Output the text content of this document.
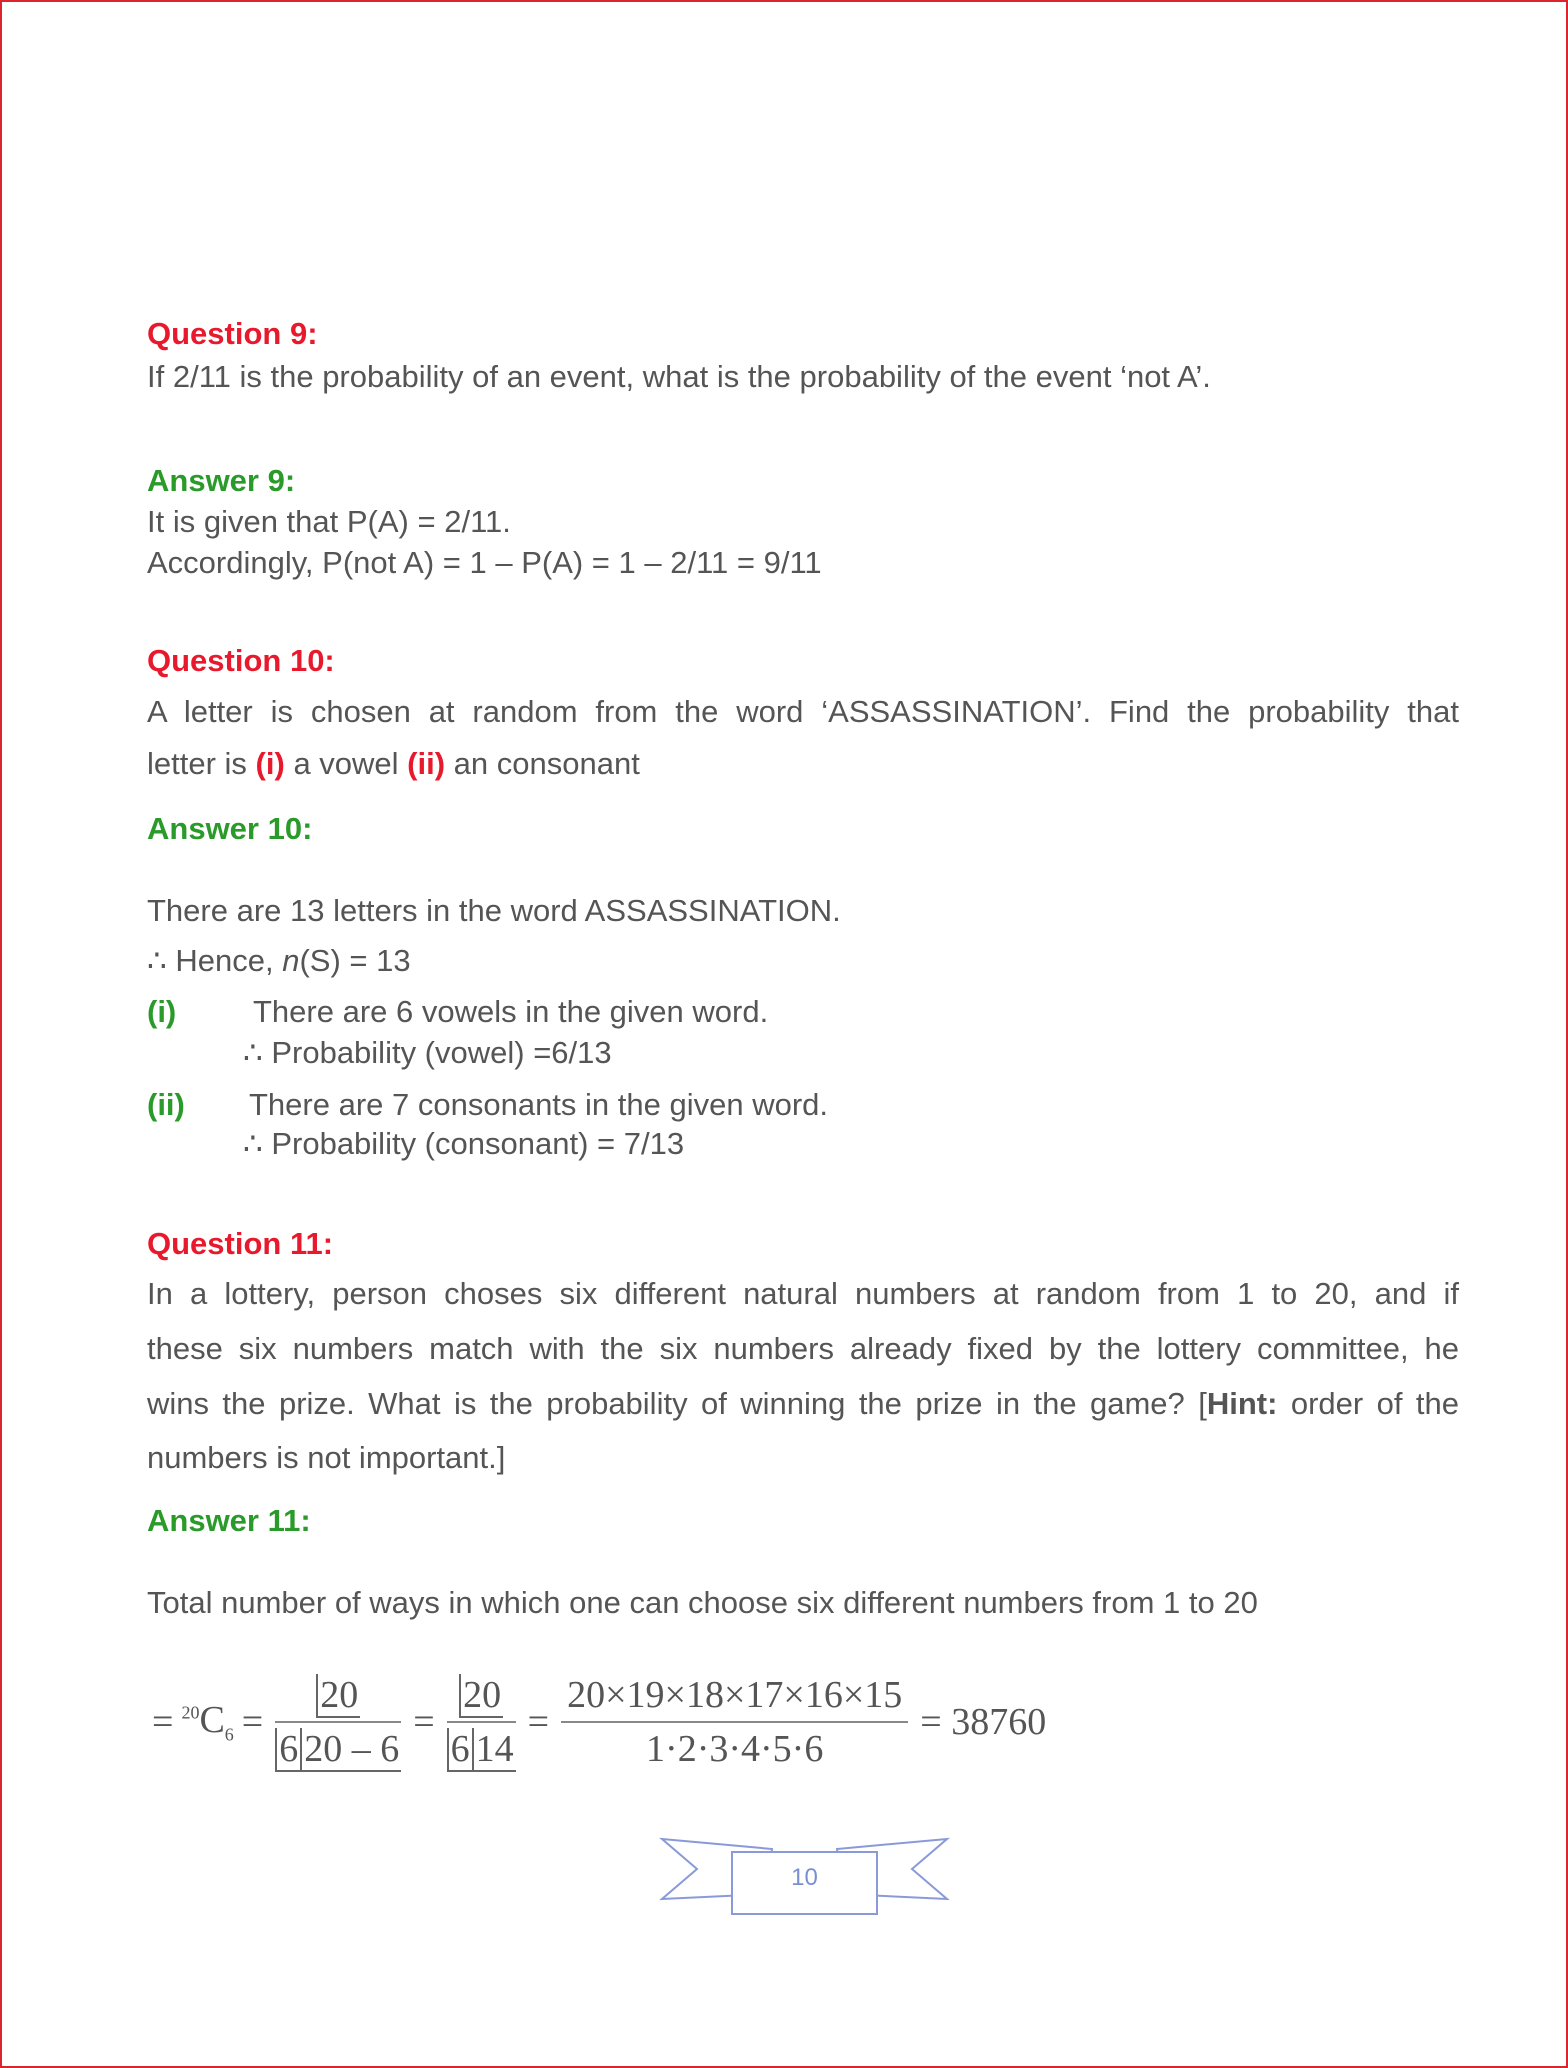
Question 9:
If 2/11 is the probability of an event, what is the probability of the event ‘not A’.
Answer 9:
It is given that P(A) = 2/11.
Accordingly, P(not A) = 1 – P(A) = 1 – 2/11 = 9/11
Question 10:
A letter is chosen at random from the word ‘ASSASSINATION’. Find the probability that
letter is (i) a vowel (ii) an consonant
Answer 10:
There are 13 letters in the word ASSASSINATION.
∴ Hence, n(S) = 13
(i) There are 6 vowels in the given word.
∴ Probability (vowel) =6/13
(ii) There are 7 consonants in the given word.
∴ Probability (consonant) = 7/13
Question 11:
In a lottery, person choses six different natural numbers at random from 1 to 20, and if
these six numbers match with the six numbers already fixed by the lottery committee, he
wins the prize. What is the probability of winning the prize in the game? [Hint: order of the
numbers is not important.]
Answer 11:
Total number of ways in which one can choose six different numbers from 1 to 20
= $^{20}C_6 = \frac{20}{6 20 - 6} = \frac{20}{6 14} = \frac{20\times 19\times 18\times 17\times 16\times 15}{1\cdot 2\cdot 3\cdot 4\cdot 5\cdot 6} = 38760$
10
